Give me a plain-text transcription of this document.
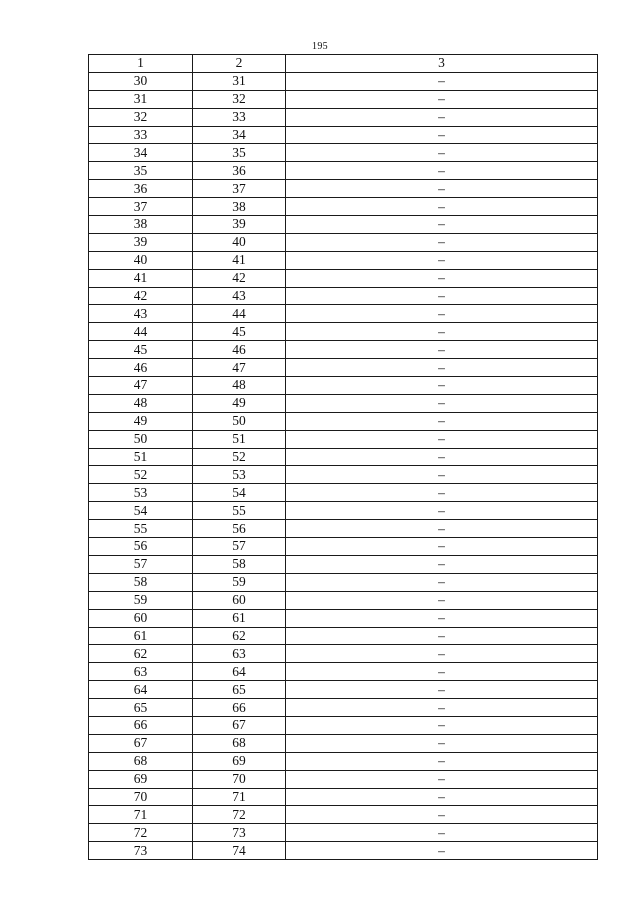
195
1	2	3
30	31	–
31	32	–
32	33	–
33	34	–
34	35	–
35	36	–
36	37	–
37	38	–
38	39	–
39	40	–
40	41	–
41	42	–
42	43	–
43	44	–
44	45	–
45	46	–
46	47	–
47	48	–
48	49	–
49	50	–
50	51	–
51	52	–
52	53	–
53	54	–
54	55	–
55	56	–
56	57	–
57	58	–
58	59	–
59	60	–
60	61	–
61	62	–
62	63	–
63	64	–
64	65	–
65	66	–
66	67	–
67	68	–
68	69	–
69	70	–
70	71	–
71	72	–
72	73	–
73	74	–
